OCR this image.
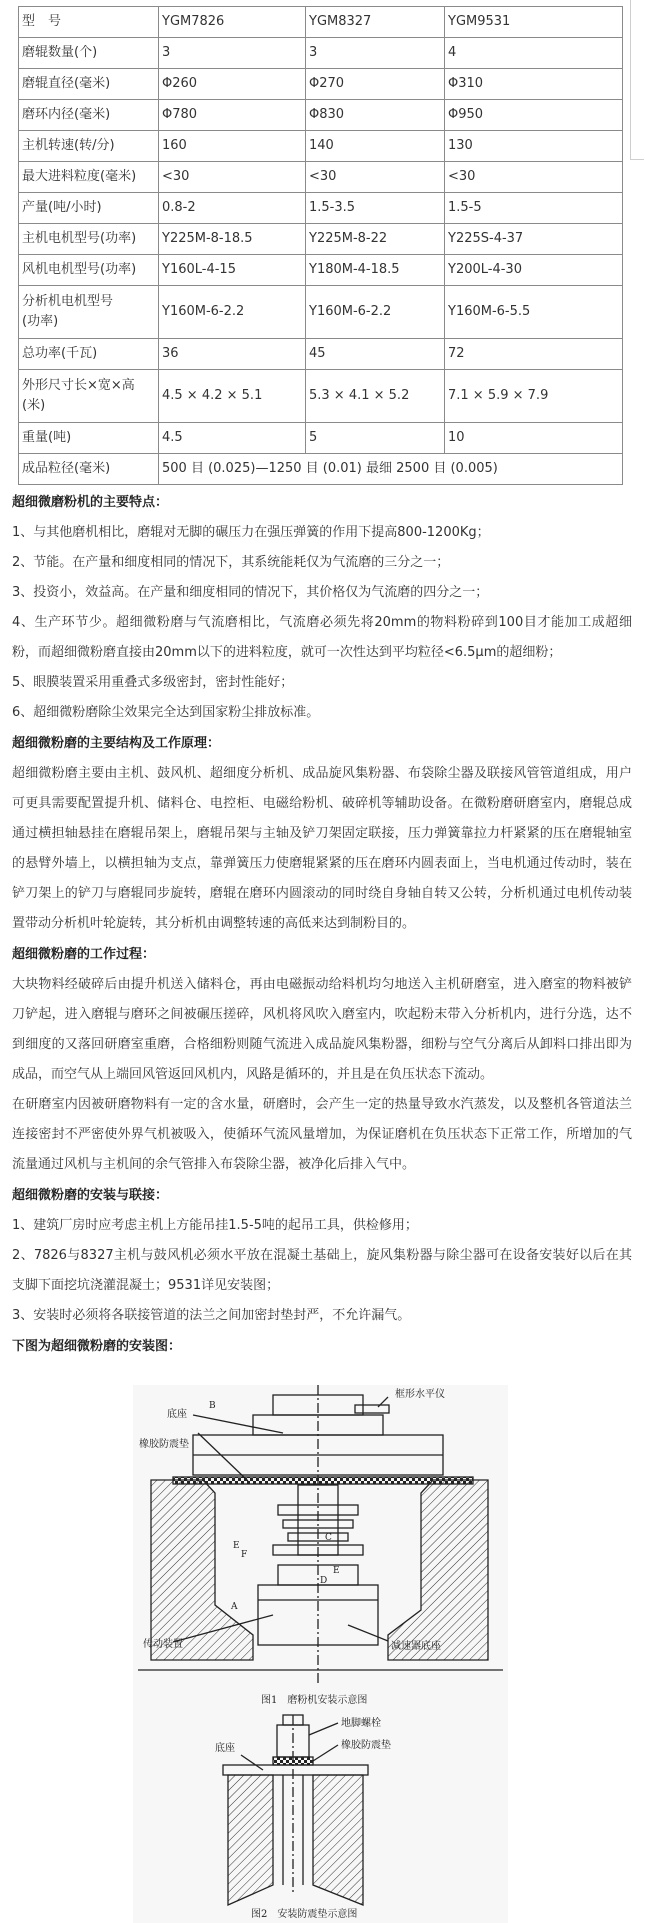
型　号	YGM7826	YGM8327	YGM9531
磨辊数量(个)	3	3	4
磨辊直径(毫米)	Φ260	Φ270	Φ310
磨环内径(毫米)	Φ780	Φ830	Φ950
主机转速(转/分)	160	140	130
最大进料粒度(毫米)	<30	<30	<30
产量(吨/小时)	0.8-2	1.5-3.5	1.5-5
主机电机型号(功率)	Y225M-8-18.5	Y225M-8-22	Y225S-4-37
风机电机型号(功率)	Y160L-4-15	Y180M-4-18.5	Y200L-4-30
分析机电机型号
(功率)	Y160M-6-2.2	Y160M-6-2.2	Y160M-6-5.5
总功率(千瓦)	36	45	72
外形尺寸长×宽×高
(米)	4.5 × 4.2 × 5.1	5.3 × 4.1 × 5.2	7.1 × 5.9 × 7.9
重量(吨)	4.5	5	10
成品粒径(毫米)	500 目 (0.025)—1250 目 (0.01) 最细 2500 目 (0.005)		
超细微磨粉机的主要特点：

1、与其他磨机相比，磨辊对无脚的碾压力在强压弹簧的作用下提高800-1200Kg；

2、节能。在产量和细度相同的情况下，其系统能耗仅为气流磨的三分之一；

3、投资小，效益高。在产量和细度相同的情况下，其价格仅为气流磨的四分之一；

4、生产环节少。超细微粉磨与气流磨相比，气流磨必须先将20mm的物料粉碎到100目才能加工成超细粉，而超细微粉磨直接由20mm以下的进料粒度，就可一次性达到平均粒径<6.5μm的超细粉；

5、眼膜装置采用重叠式多级密封，密封性能好；

6、超细微粉磨除尘效果完全达到国家粉尘排放标准。

超细微粉磨的主要结构及工作原理：

超细微粉磨主要由主机、鼓风机、超细度分析机、成品旋风集粉器、布袋除尘器及联接风管管道组成，用户可更具需要配置提升机、储料仓、电控柜、电磁给粉机、破碎机等辅助设备。在微粉磨研磨室内，磨辊总成通过横担轴悬挂在磨辊吊架上，磨辊吊架与主轴及铲刀架固定联接，压力弹簧靠拉力杆紧紧的压在磨辊轴室的悬臂外墙上，以横担轴为支点，靠弹簧压力使磨辊紧紧的压在磨环内圆表面上，当电机通过传动时，装在铲刀架上的铲刀与磨辊同步旋转，磨辊在磨环内圆滚动的同时绕自身轴自转又公转，分析机通过电机传动装置带动分析机叶轮旋转，其分析机由调整转速的高低来达到制粉目的。

超细微粉磨的工作过程：

大块物料经破碎后由提升机送入储料仓，再由电磁振动给料机均匀地送入主机研磨室，进入磨室的物料被铲刀铲起，进入磨辊与磨环之间被碾压搓碎，风机将风吹入磨室内，吹起粉末带入分析机内，进行分选，达不到细度的又落回研磨室重磨，合格细粉则随气流进入成品旋风集粉器，细粉与空气分离后从卸料口排出即为成品，而空气从上端回风管返回风机内，风路是循环的，并且是在负压状态下流动。

在研磨室内因被研磨物料有一定的含水量，研磨时，会产生一定的热量导致水汽蒸发，以及整机各管道法兰连接密封不严密使外界气机被吸入，使循环气流风量增加，为保证磨机在负压状态下正常工作，所增加的气流量通过风机与主机间的余气管排入布袋除尘器，被净化后排入气中。

超细微粉磨的安装与联接：

1、建筑厂房时应考虑主机上方能吊挂1.5-5吨的起吊工具，供检修用；

2、7826与8327主机与鼓风机必须水平放在混凝土基础上，旋风集粉器与除尘器可在设备安装好以后在其支脚下面挖坑浇灌混凝土；9531详见安装图；

3、安装时必须将各联接管道的法兰之间加密封垫封严，不允许漏气。

下图为超细微粉磨的安装图：
底座
B
框形水平仪
橡胶防震垫
C
E
F
E
D
A
传动装置	减速器底座
图1　磨粉机安装示意图
地脚螺栓
橡胶防震垫
底座
图2　安装防震垫示意图
